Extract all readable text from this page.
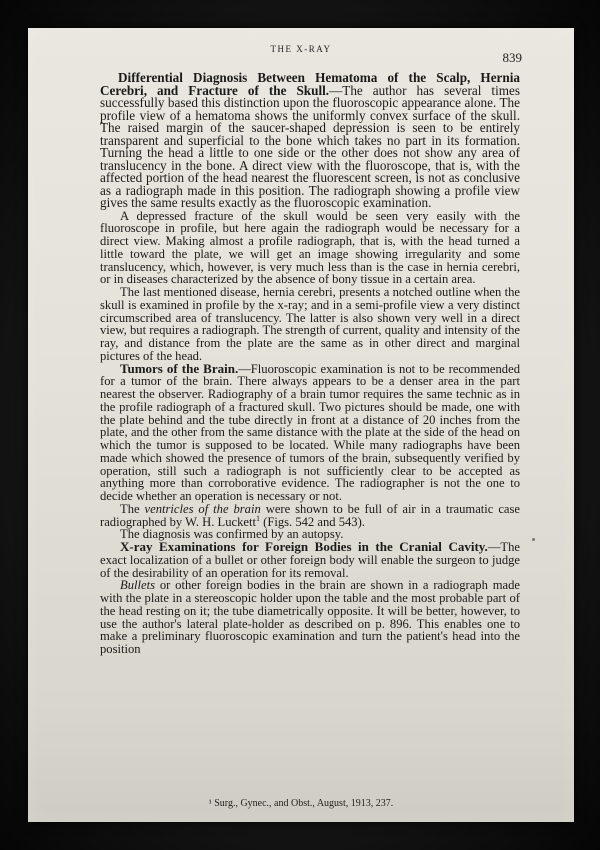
THE X-RAY
839
Differential Diagnosis Between Hematoma of the Scalp, Hernia Cerebri, and Fracture of the Skull.—The author has several times successfully based this distinction upon the fluoroscopic appearance alone. The profile view of a hematoma shows the uniformly convex surface of the skull. The raised margin of the saucer-shaped depression is seen to be entirely transparent and superficial to the bone which takes no part in its formation. Turning the head a little to one side or the other does not show any area of translucency in the bone. A direct view with the fluoroscope, that is, with the affected portion of the head nearest the fluorescent screen, is not as conclusive as a radiograph made in this position. The radiograph showing a profile view gives the same results exactly as the fluoroscopic examination.

A depressed fracture of the skull would be seen very easily with the fluoroscope in profile, but here again the radiograph would be necessary for a direct view. Making almost a profile radiograph, that is, with the head turned a little toward the plate, we will get an image showing irregularity and some translucency, which, however, is very much less than is the case in hernia cerebri, or in diseases characterized by the absence of bony tissue in a certain area.

The last mentioned disease, hernia cerebri, presents a notched outline when the skull is examined in profile by the x-ray; and in a semi-profile view a very distinct circumscribed area of translucency. The latter is also shown very well in a direct view, but requires a radiograph. The strength of current, quality and intensity of the ray, and distance from the plate are the same as in other direct and marginal pictures of the head.

Tumors of the Brain.—Fluoroscopic examination is not to be recommended for a tumor of the brain. There always appears to be a denser area in the part nearest the observer. Radiography of a brain tumor requires the same technic as in the profile radiograph of a fractured skull. Two pictures should be made, one with the plate behind and the tube directly in front at a distance of 20 inches from the plate, and the other from the same distance with the plate at the side of the head on which the tumor is supposed to be located. While many radiographs have been made which showed the presence of tumors of the brain, subsequently verified by operation, still such a radiograph is not sufficiently clear to be accepted as anything more than corroborative evidence. The radiographer is not the one to decide whether an operation is necessary or not.

The ventricles of the brain were shown to be full of air in a traumatic case radiographed by W. H. Luckett$^1$ (Figs. 542 and 543).

The diagnosis was confirmed by an autopsy.

X-ray Examinations for Foreign Bodies in the Cranial Cavity.—The exact localization of a bullet or other foreign body will enable the surgeon to judge of the desirability of an operation for its removal.

Bullets or other foreign bodies in the brain are shown in a radiograph made with the plate in a stereoscopic holder upon the table and the most probable part of the head resting on it; the tube diametrically opposite. It will be better, however, to use the author's lateral plate-holder as described on p. 896. This enables one to make a preliminary fluoroscopic examination and turn the patient's head into the position

¹ Surg., Gynec., and Obst., August, 1913, 237.
